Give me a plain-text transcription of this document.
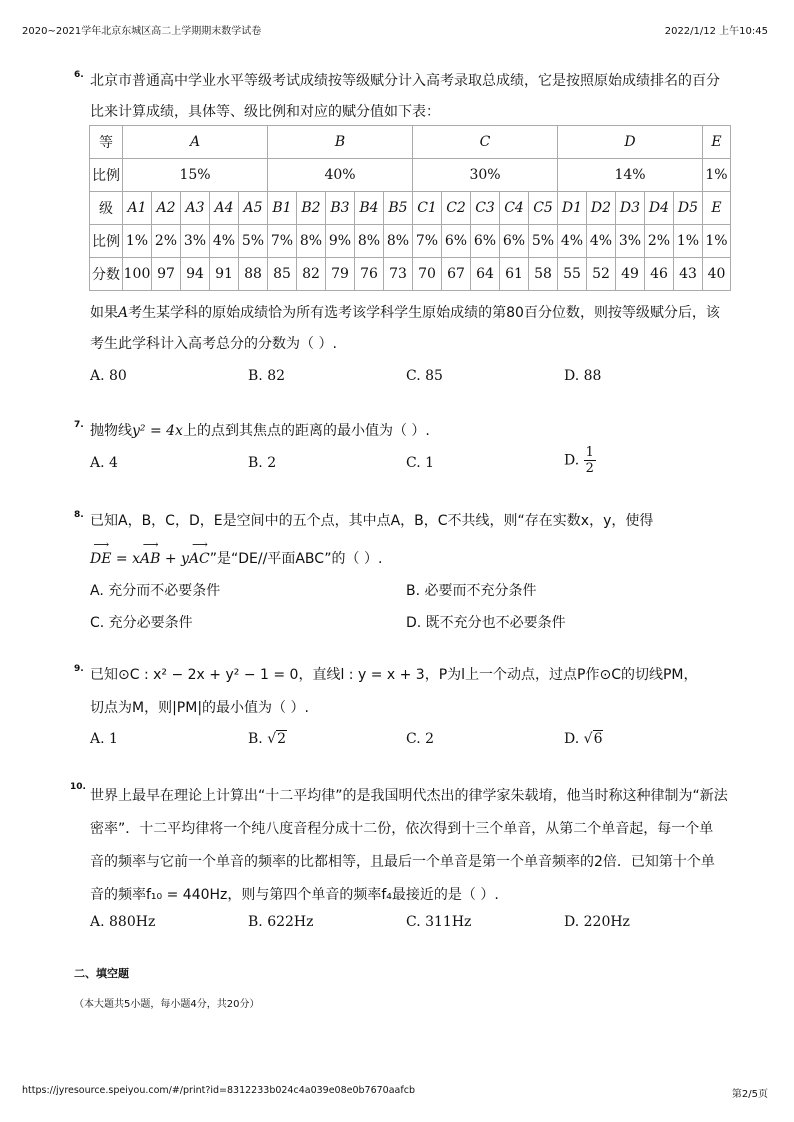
2020~2021学年北京东城区高二上学期期末数学试卷	2022/1/12 上午10:45
6. 北京市普通高中学业水平等级考试成绩按等级赋分计入高考录取总成绩，它是按照原始成绩排名的百分
比来计算成绩，具体等、级比例和对应的赋分值如下表：
等	A					B					C					D					E
比例	15%					40%					30%					14%					1%
级	A1	A2	A3	A4	A5	B1	B2	B3	B4	B5	C1	C2	C3	C4	C5	D1	D2	D3	D4	D5	E
比例	1%	2%	3%	4%	5%	7%	8%	9%	8%	8%	7%	6%	6%	6%	5%	4%	4%	3%	2%	1%	1%
分数	100	97	94	91	88	85	82	79	76	73	70	67	64	61	58	55	52	49	46	43	40
如果A考生某学科的原始成绩恰为所有选考该学科学生原始成绩的第80百分位数，则按等级赋分后，该
考生此学科计入高考总分的分数为（ ）.
A. 80	B. 82	C. 85	D. 88
7. 抛物线y² = 4x上的点到其焦点的距离的最小值为（ ）.
A. 4	B. 2	C. 1	D. $\frac{1}{2}$
8. 已知A，B，C，D，E是空间中的五个点，其中点A，B，C不共线，则“存在实数x，y，使得
⟶ DE = x⟶ AB + y⟶ AC”是“DE//平面ABC”的（ ）.
A. 充分而不必要条件	B. 必要而不充分条件
C. 充分必要条件	D. 既不充分也不必要条件
9. 已知⊙C : x² − 2x + y² − 1 = 0，直线l : y = x + 3，P为l上一个动点，过点P作⊙C的切线PM，
切点为M，则|PM|的最小值为（ ）.
A. 1	B. √2	C. 2	D. √6
10.
世界上最早在理论上计算出“十二平均律”的是我国明代杰出的律学家朱载堉，他当时称这种律制为“新法
密率”．十二平均律将一个纯八度音程分成十二份，依次得到十三个单音，从第二个单音起，每一个单
音的频率与它前一个单音的频率的比都相等，且最后一个单音是第一个单音频率的2倍．已知第十个单
音的频率f₁₀ = 440Hz，则与第四个单音的频率f₄最接近的是（ ）.
A. 880Hz	B. 622Hz	C. 311Hz	D. 220Hz
二、填空题
（本大题共5小题，每小题4分，共20分）
https://jyresource.speiyou.com/#/print?id=8312233b024c4a039e08e0b7670aafcb	第2/5页
